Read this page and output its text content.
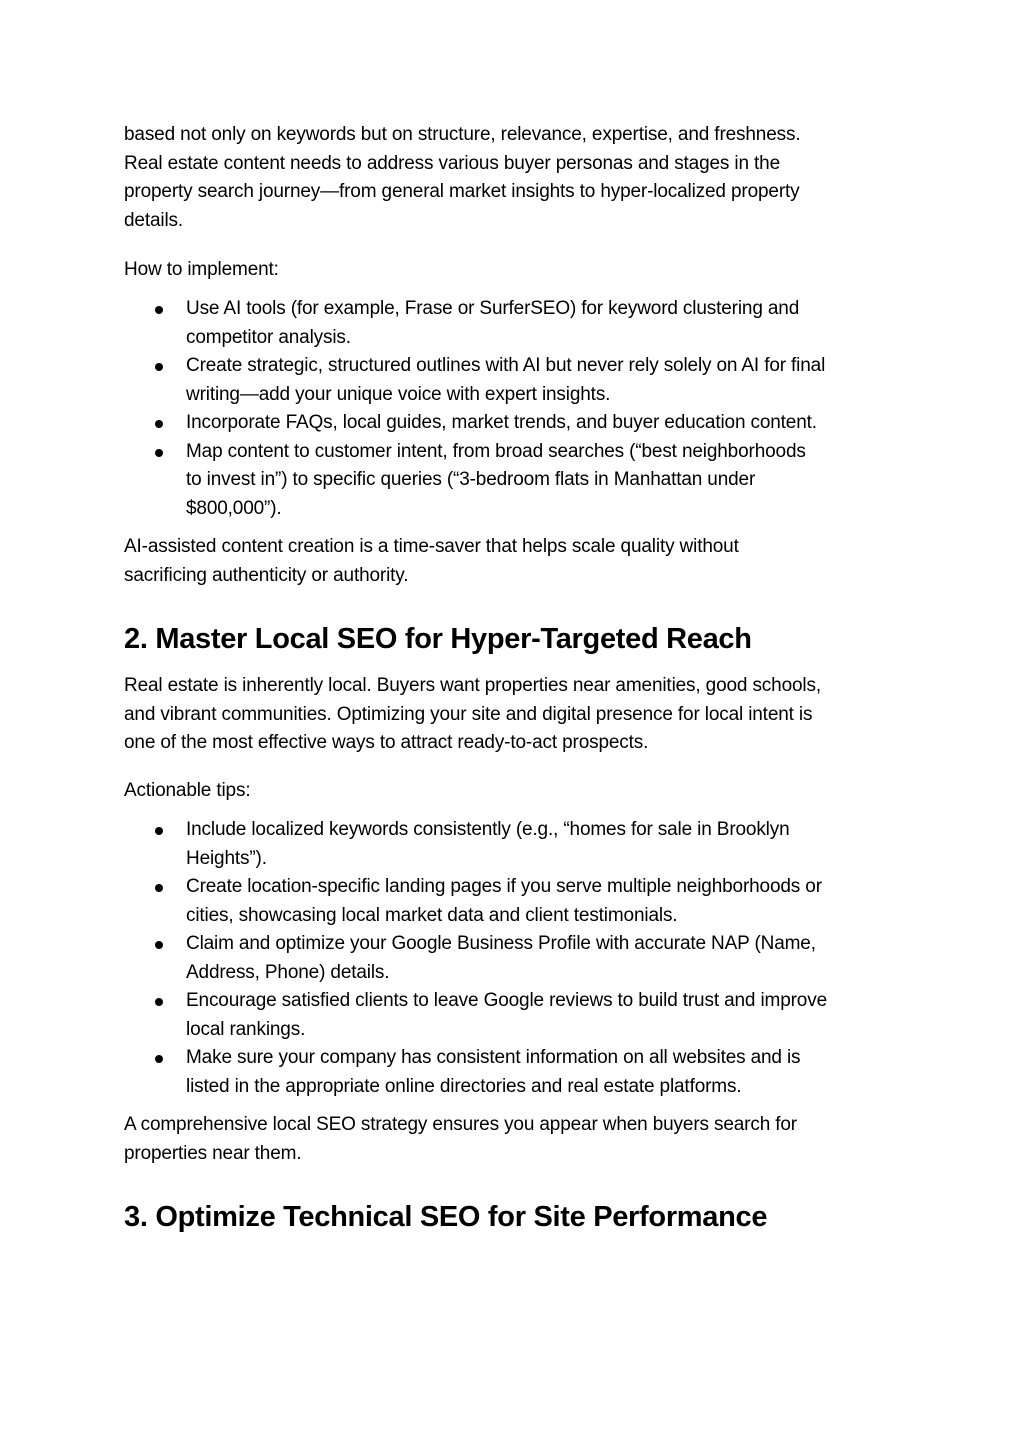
based not only on keywords but on structure, relevance, expertise, and freshness.
Real estate content needs to address various buyer personas and stages in the
property search journey—from general market insights to hyper-localized property
details.
How to implement:
Use AI tools (for example, Frase or SurferSEO) for keyword clustering and
competitor analysis.
Create strategic, structured outlines with AI but never rely solely on AI for final
writing—add your unique voice with expert insights.
Incorporate FAQs, local guides, market trends, and buyer education content.
Map content to customer intent, from broad searches (“best neighborhoods
to invest in”) to specific queries (“3-bedroom flats in Manhattan under
$800,000”).
AI-assisted content creation is a time-saver that helps scale quality without
sacrificing authenticity or authority.
2. Master Local SEO for Hyper-Targeted Reach
Real estate is inherently local. Buyers want properties near amenities, good schools,
and vibrant communities. Optimizing your site and digital presence for local intent is
one of the most effective ways to attract ready-to-act prospects.
Actionable tips:
Include localized keywords consistently (e.g., “homes for sale in Brooklyn
Heights”).
Create location-specific landing pages if you serve multiple neighborhoods or
cities, showcasing local market data and client testimonials.
Claim and optimize your Google Business Profile with accurate NAP (Name,
Address, Phone) details.
Encourage satisfied clients to leave Google reviews to build trust and improve
local rankings.
Make sure your company has consistent information on all websites and is
listed in the appropriate online directories and real estate platforms.
A comprehensive local SEO strategy ensures you appear when buyers search for
properties near them.
3. Optimize Technical SEO for Site Performance
